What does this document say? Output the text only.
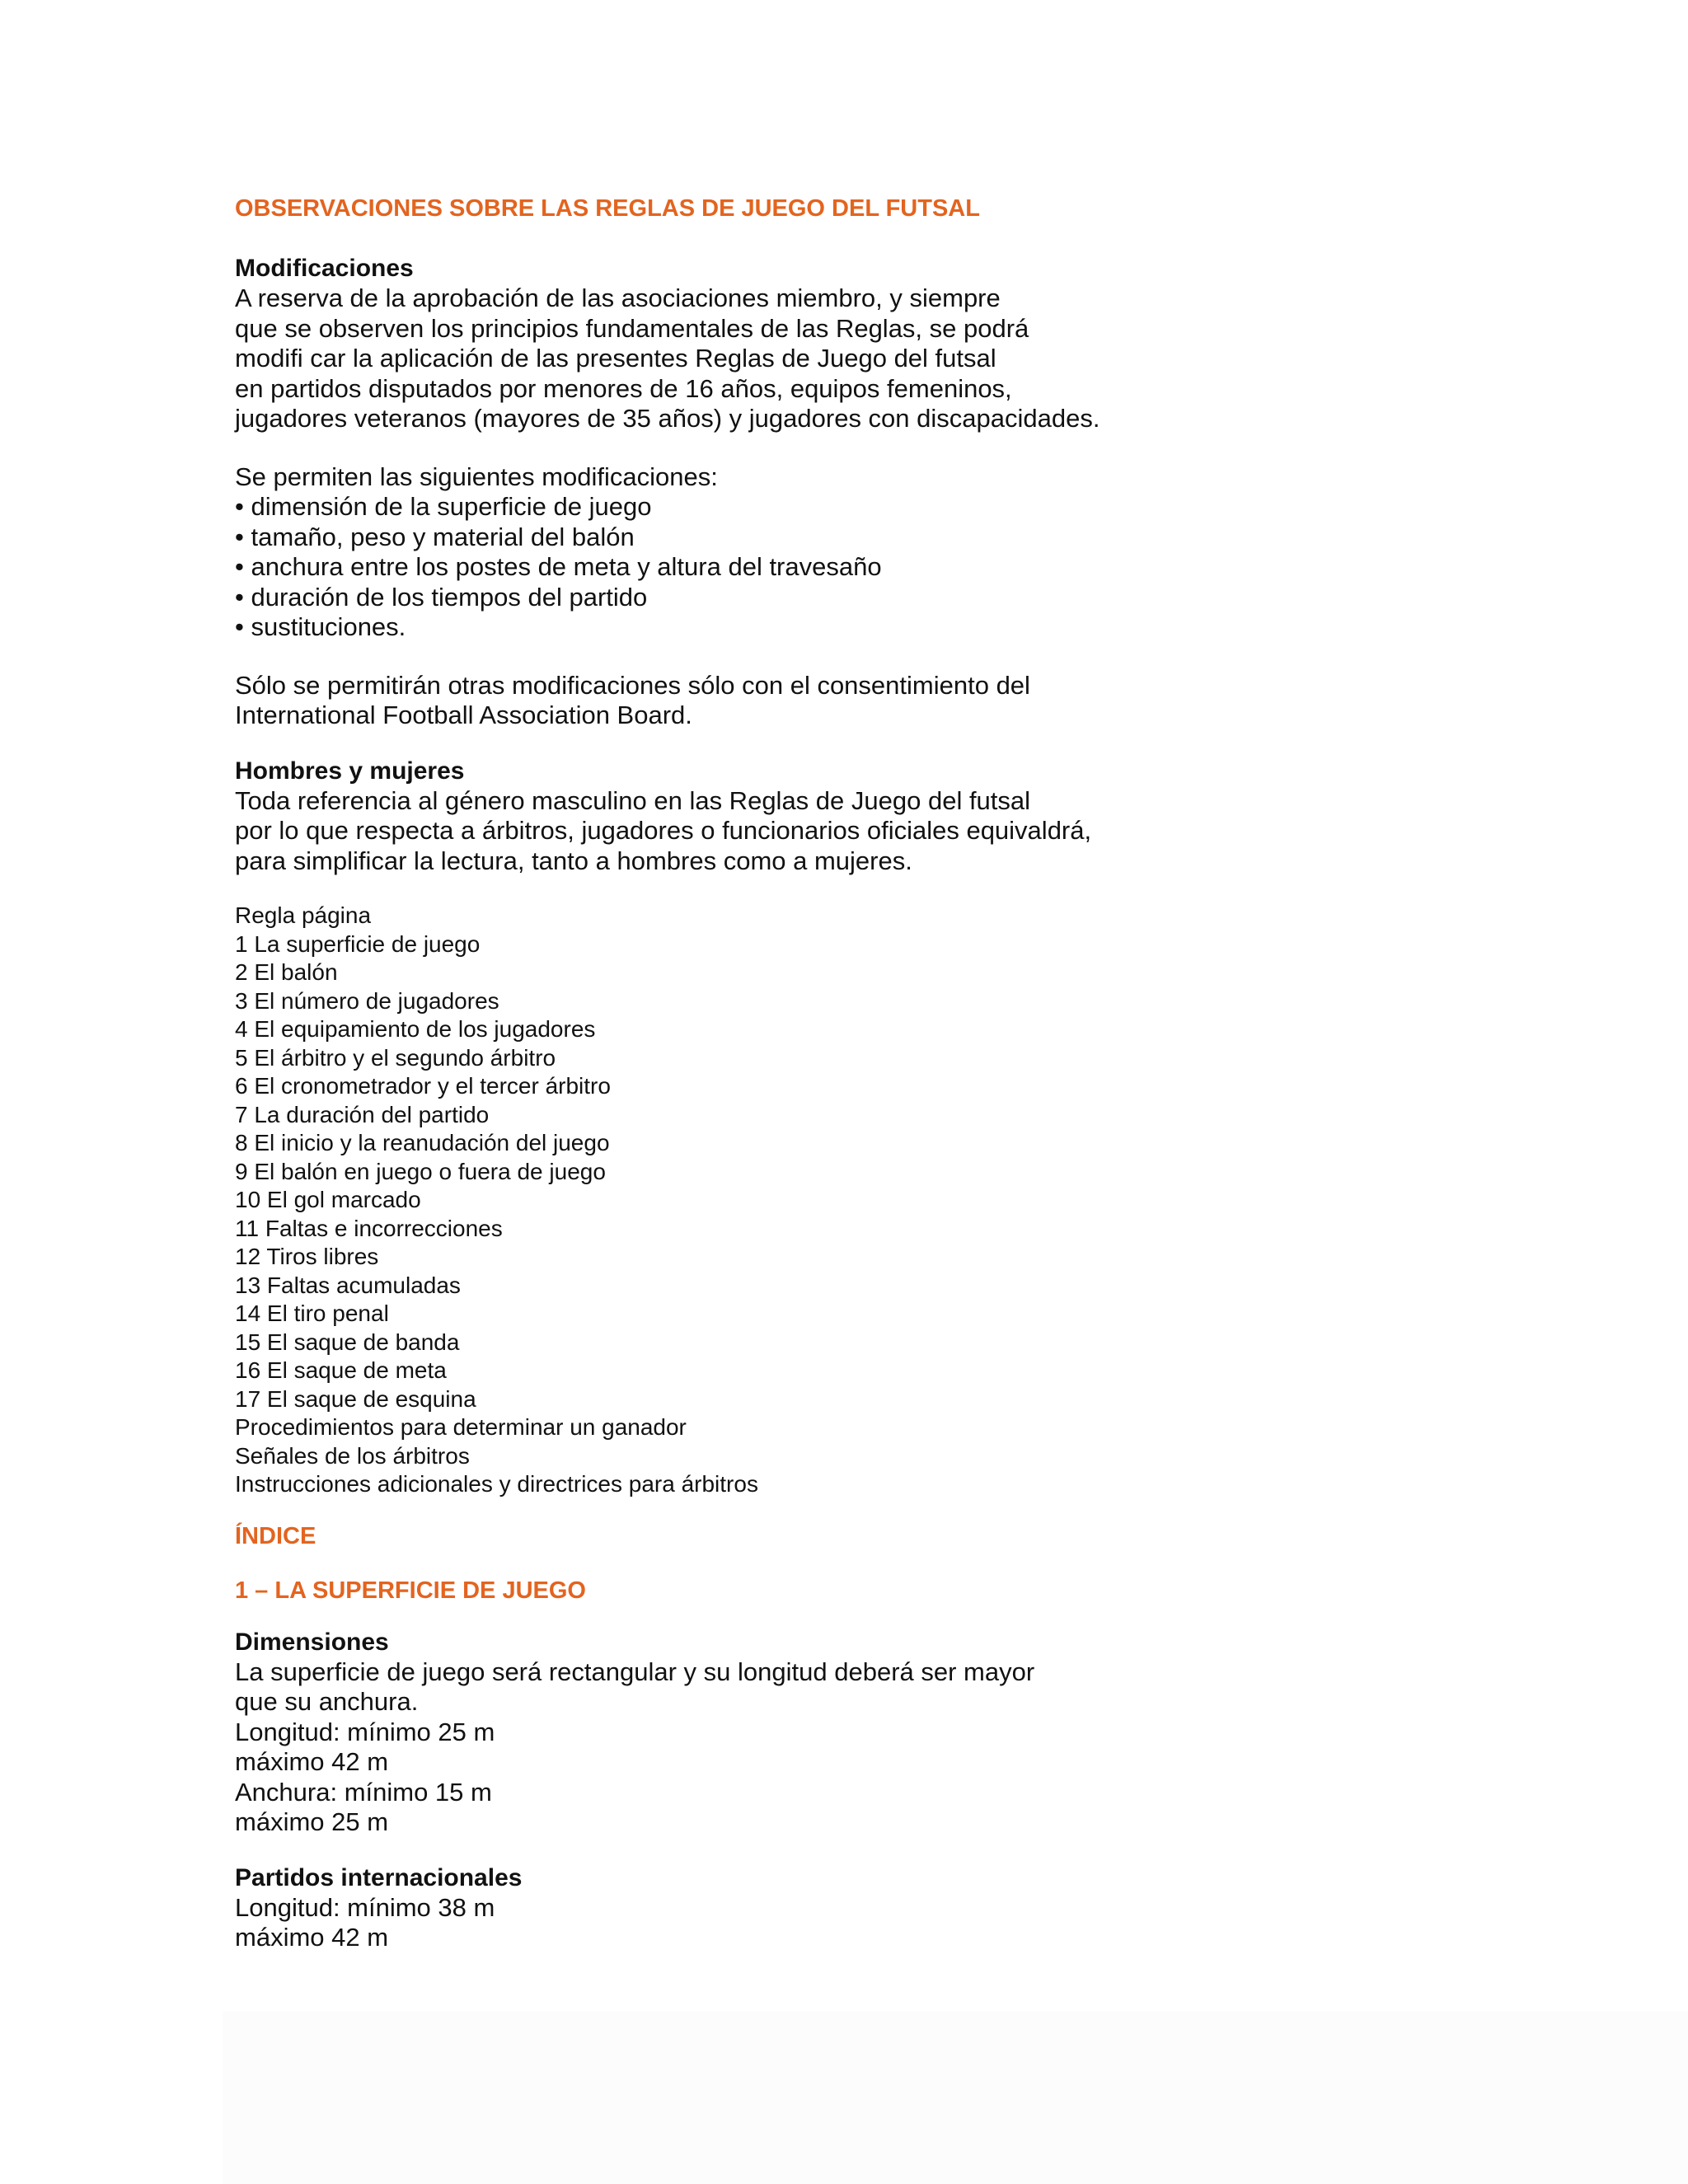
OBSERVACIONES SOBRE LAS REGLAS DE JUEGO DEL FUTSAL
Modificaciones

A reserva de la aprobación de las asociaciones miembro, y siempre
que se observen los principios fundamentales de las Reglas, se podrá
modifi car la aplicación de las presentes Reglas de Juego del futsal
en partidos disputados por menores de 16 años, equipos femeninos,
jugadores veteranos (mayores de 35 años) y jugadores con discapacidades.

Se permiten las siguientes modificaciones:
• dimensión de la superficie de juego
• tamaño, peso y material del balón
• anchura entre los postes de meta y altura del travesaño
• duración de los tiempos del partido
• sustituciones.

Sólo se permitirán otras modificaciones sólo con el consentimiento del
International Football Association Board.

Hombres y mujeres

Toda referencia al género masculino en las Reglas de Juego del futsal
por lo que respecta a árbitros, jugadores o funcionarios oficiales equivaldrá,
para simplificar la lectura, tanto a hombres como a mujeres.

Regla página
1 La superficie de juego
2 El balón
3 El número de jugadores
4 El equipamiento de los jugadores
5 El árbitro y el segundo árbitro
6 El cronometrador y el tercer árbitro
7 La duración del partido
8 El inicio y la reanudación del juego
9 El balón en juego o fuera de juego
10 El gol marcado
11 Faltas e incorrecciones
12 Tiros libres
13 Faltas acumuladas
14 El tiro penal
15 El saque de banda
16 El saque de meta
17 El saque de esquina
Procedimientos para determinar un ganador
Señales de los árbitros
Instrucciones adicionales y directrices para árbitros
ÍNDICE
1 – LA SUPERFICIE DE JUEGO
Dimensiones

La superficie de juego será rectangular y su longitud deberá ser mayor
que su anchura.
Longitud: mínimo 25 m
máximo 42 m
Anchura: mínimo 15 m
máximo 25 m

Partidos internacionales

Longitud: mínimo 38 m
máximo 42 m
